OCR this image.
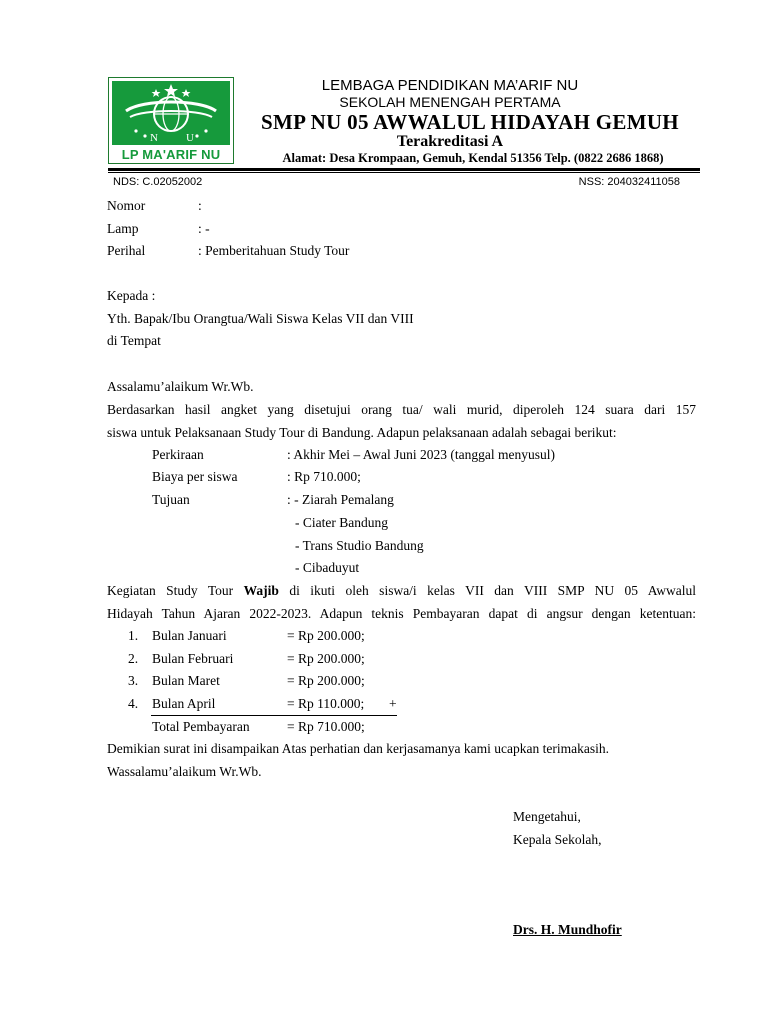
N	U
LP MA'ARIF NU
LEMBAGA PENDIDIKAN MA’ARIF NU
SEKOLAH MENENGAH PERTAMA
SMP NU 05 AWWALUL HIDAYAH GEMUH
Terakreditasi A
Alamat: Desa Krompaan, Gemuh, Kendal 51356 Telp. (0822 2686 1868)
NDS: C.02052002	NSS: 204032411058
Nomor	:
Lamp	: -
Perihal	: Pemberitahuan Study Tour
Kepada :
Yth. Bapak/Ibu Orangtua/Wali Siswa Kelas VII dan VIII
di Tempat
Assalamu’alaikum Wr.Wb.
Berdasarkan hasil angket yang disetujui orang tua/ wali murid, diperoleh 124 suara dari 157
siswa untuk Pelaksanaan Study Tour di Bandung. Adapun pelaksanaan adalah sebagai berikut:
Perkiraan	: Akhir Mei – Awal Juni 2023 (tanggal menyusul)
Biaya per siswa	: Rp 710.000;
Tujuan	: - Ziarah Pemalang
- Ciater Bandung
- Trans Studio Bandung
- Cibaduyut
Kegiatan Study Tour Wajib di ikuti oleh siswa/i kelas VII dan VIII SMP NU 05 Awwalul
Hidayah Tahun Ajaran 2022-2023. Adapun teknis Pembayaran dapat di angsur dengan ketentuan:
1. Bulan Januari	= Rp 200.000;
2. Bulan Februari	= Rp 200.000;
3. Bulan Maret	= Rp 200.000;
4. Bulan April	= Rp 110.000; +
Total Pembayaran	= Rp 710.000;
Demikian surat ini disampaikan Atas perhatian dan kerjasamanya kami ucapkan terimakasih.
Wassalamu’alaikum Wr.Wb.
Mengetahui,
Kepala Sekolah,
Drs. H. Mundhofir
